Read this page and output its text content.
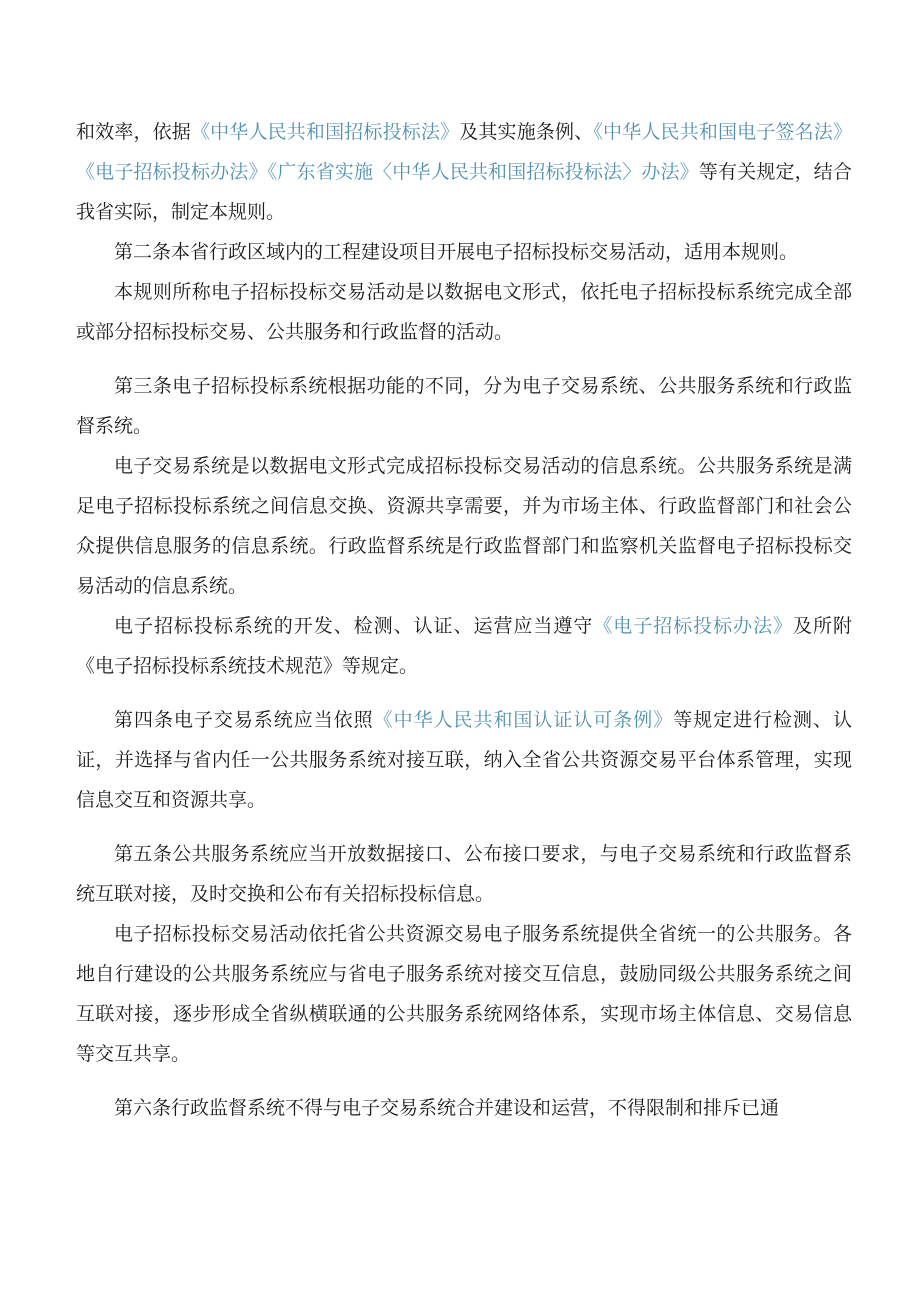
和效率，依据《中华人民共和国招标投标法》及其实施条例、《中华人民共和国电子签名法》《电子招标投标办法》《广东省实施〈中华人民共和国招标投标法〉办法》等有关规定，结合我省实际，制定本规则。

第二条本省行政区域内的工程建设项目开展电子招标投标交易活动，适用本规则。

本规则所称电子招标投标交易活动是以数据电文形式，依托电子招标投标系统完成全部或部分招标投标交易、公共服务和行政监督的活动。

第三条电子招标投标系统根据功能的不同，分为电子交易系统、公共服务系统和行政监督系统。

电子交易系统是以数据电文形式完成招标投标交易活动的信息系统。公共服务系统是满足电子招标投标系统之间信息交换、资源共享需要，并为市场主体、行政监督部门和社会公众提供信息服务的信息系统。行政监督系统是行政监督部门和监察机关监督电子招标投标交易活动的信息系统。

电子招标投标系统的开发、检测、认证、运营应当遵守《电子招标投标办法》及所附《电子招标投标系统技术规范》等规定。

第四条电子交易系统应当依照《中华人民共和国认证认可条例》等规定进行检测、认证，并选择与省内任一公共服务系统对接互联，纳入全省公共资源交易平台体系管理，实现信息交互和资源共享。

第五条公共服务系统应当开放数据接口、公布接口要求，与电子交易系统和行政监督系统互联对接，及时交换和公布有关招标投标信息。

电子招标投标交易活动依托省公共资源交易电子服务系统提供全省统一的公共服务。各地自行建设的公共服务系统应与省电子服务系统对接交互信息，鼓励同级公共服务系统之间互联对接，逐步形成全省纵横联通的公共服务系统网络体系，实现市场主体信息、交易信息等交互共享。

第六条行政监督系统不得与电子交易系统合并建设和运营，不得限制和排斥已通
